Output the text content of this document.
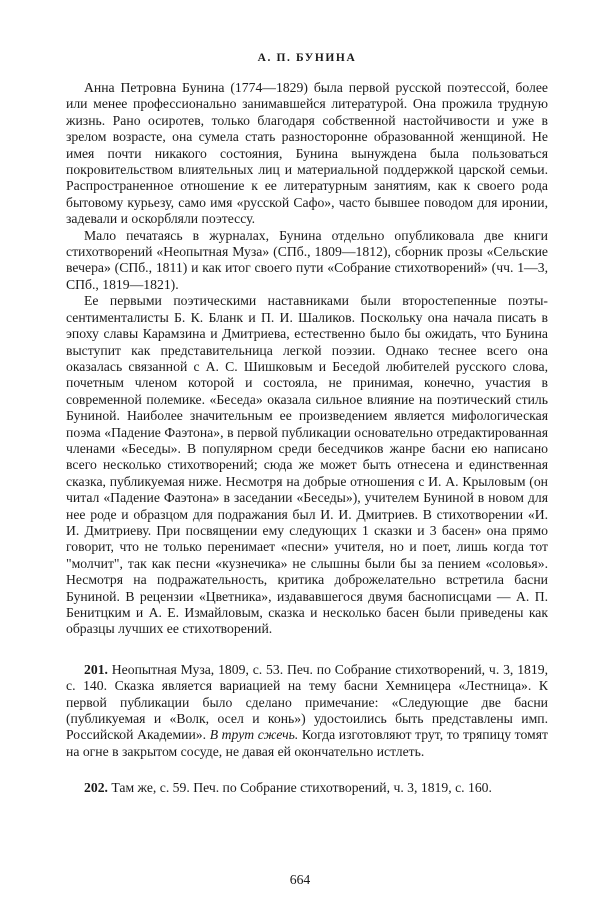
А. П. БУНИНА

Анна Петровна Бунина (1774—1829) была первой русской поэтессой, более или менее профессионально занимавшейся литературой. Она прожила трудную жизнь. Рано осиротев, только благодаря собственной настойчивости и уже в зрелом возрасте, она сумела стать разносторонне образованной женщиной. Не имея почти никакого состояния, Бунина вынуждена была пользоваться покровительством влиятельных лиц и материальной поддержкой царской семьи. Распространенное отношение к ее литературным занятиям, как к своего рода бытовому курьезу, само имя «русской Сафо», часто бывшее поводом для иронии, задевали и оскорбляли поэтессу.

Мало печатаясь в журналах, Бунина отдельно опубликовала две книги стихотворений «Неопытная Муза» (СПб., 1809—1812), сборник прозы «Сельские вечера» (СПб., 1811) и как итог своего пути «Собрание стихотворений» (чч. 1—3, СПб., 1819—1821).

Ее первыми поэтическими наставниками были второстепенные поэты-сентименталисты Б. К. Бланк и П. И. Шаликов. Поскольку она начала писать в эпоху славы Карамзина и Дмитриева, естественно было бы ожидать, что Бунина выступит как представительница легкой поэзии. Однако теснее всего она оказалась связанной с А. С. Шишковым и Беседой любителей русского слова, почетным членом которой и состояла, не принимая, конечно, участия в современной полемике. «Беседа» оказала сильное влияние на поэтический стиль Буниной. Наиболее значительным ее произведением является мифологическая поэма «Падение Фаэтона», в первой публикации основательно отредактированная членами «Беседы». В популярном среди беседчиков жанре басни ею написано всего несколько стихотворений; сюда же может быть отнесена и единственная сказка, публикуемая ниже. Несмотря на добрые отношения с И. А. Крыловым (он читал «Падение Фаэтона» в заседании «Беседы»), учителем Буниной в новом для нее роде и образцом для подражания был И. И. Дмитриев. В стихотворении «И. И. Дмитриеву. При посвящении ему следующих 1 сказки и 3 басен» она прямо говорит, что не только перенимает «песни» учителя, но и поет, лишь когда тот "молчит", так как песни «кузнечика» не слышны были бы за пением «соловья». Несмотря на подражательность, критика доброжелательно встретила басни Буниной. В рецензии «Цветника», издававшегося двумя баснописцами — А. П. Бенитцким и А. Е. Измайловым, сказка и несколько басен были приведены как образцы лучших ее стихотворений.

201. Неопытная Муза, 1809, с. 53. Печ. по Собрание стихотворений, ч. 3, 1819, с. 140. Сказка является вариацией на тему басни Хемницера «Лестница». К первой публикации было сделано примечание: «Следующие две басни (публикуемая и «Волк, осел и конь») удостоились быть представлены имп. Российской Академии». В трут сжечь. Когда изготовляют трут, то тряпицу томят на огне в закрытом сосуде, не давая ей окончательно истлеть.

202. Там же, с. 59. Печ. по Собрание стихотворений, ч. 3, 1819, с. 160.

664
